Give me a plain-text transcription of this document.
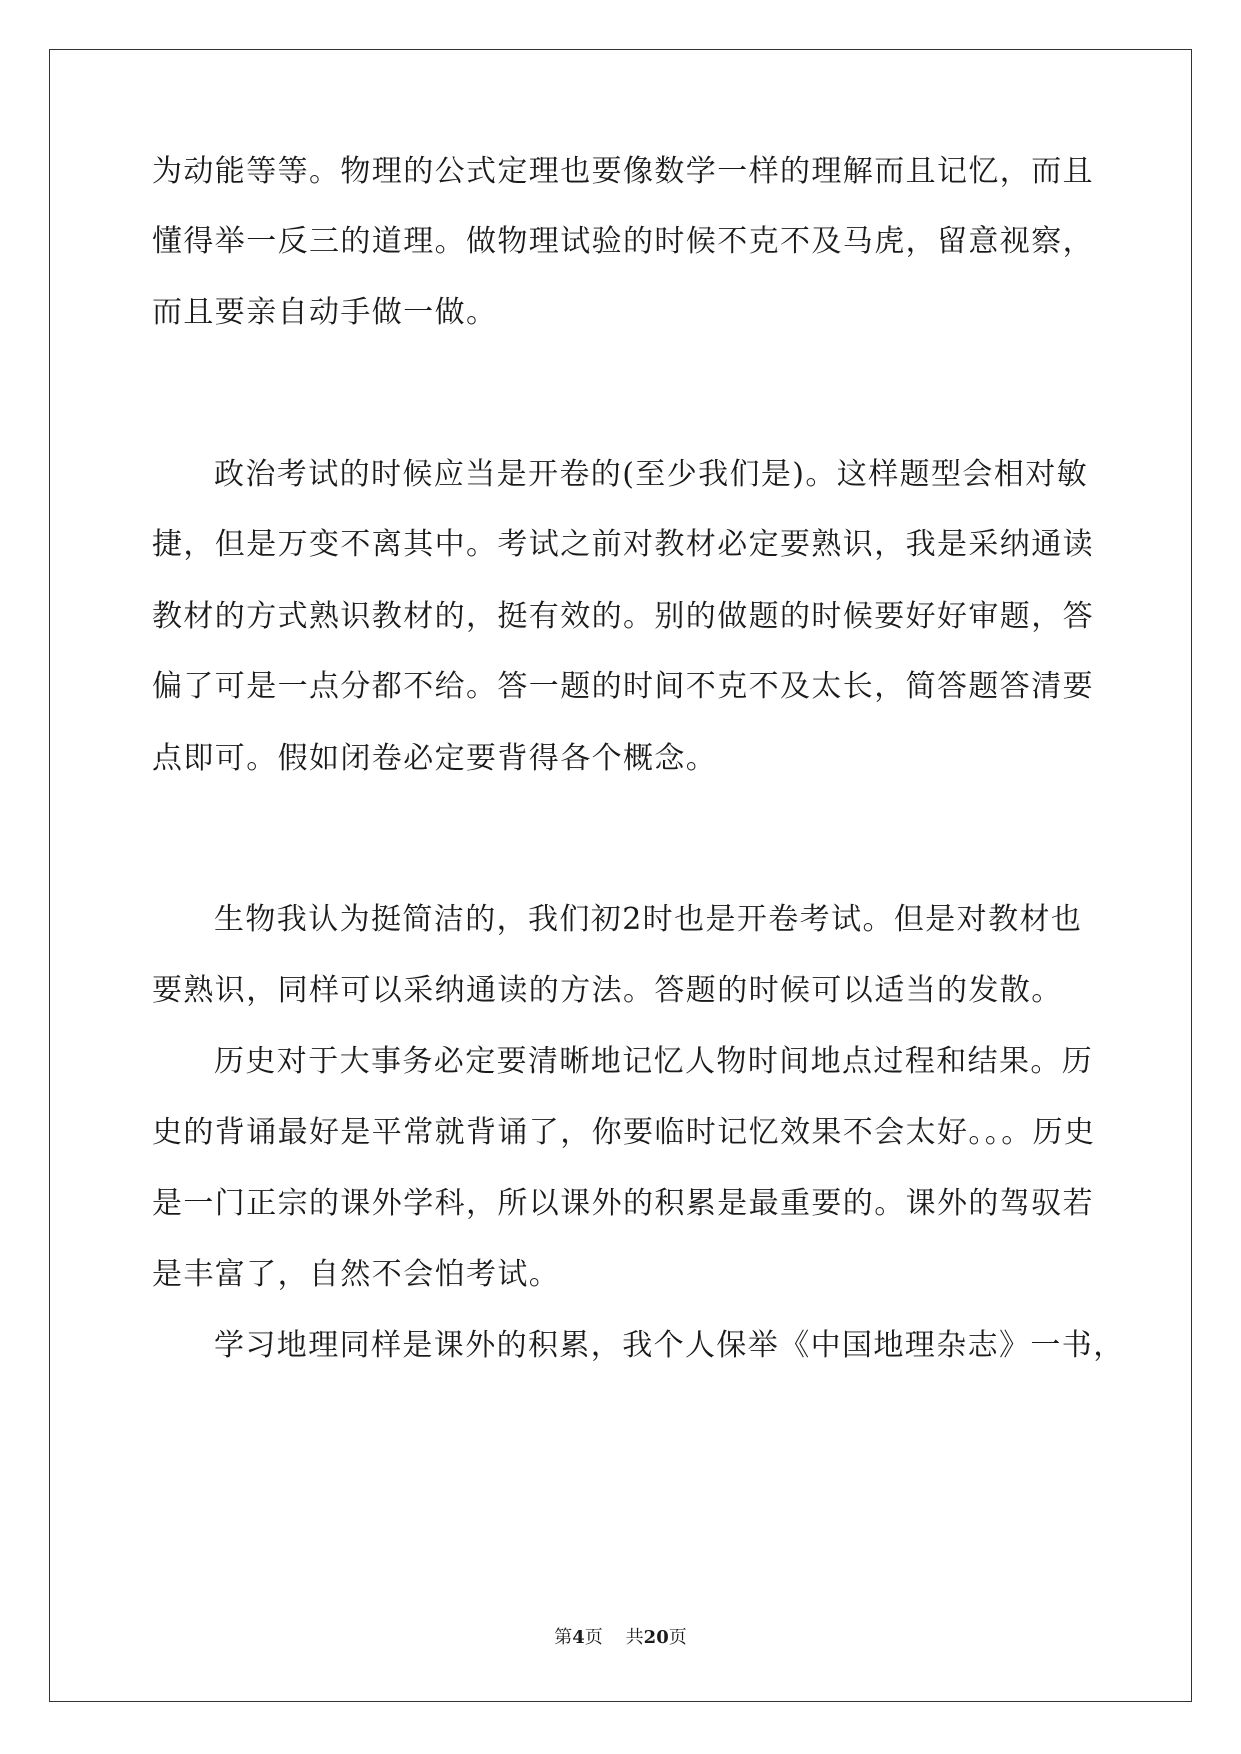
为动能等等。物理的公式定理也要像数学一样的理解而且记忆，而且
懂得举一反三的道理。做物理试验的时候不克不及马虎，留意视察，
而且要亲自动手做一做。
政治考试的时候应当是开卷的(至少我们是)。这样题型会相对敏
捷，但是万变不离其中。考试之前对教材必定要熟识，我是采纳通读
教材的方式熟识教材的，挺有效的。别的做题的时候要好好审题，答
偏了可是一点分都不给。答一题的时间不克不及太长，简答题答清要
点即可。假如闭卷必定要背得各个概念。
生物我认为挺简洁的，我们初2时也是开卷考试。但是对教材也
要熟识，同样可以采纳通读的方法。答题的时候可以适当的发散。
历史对于大事务必定要清晰地记忆人物时间地点过程和结果。历
史的背诵最好是平常就背诵了，你要临时记忆效果不会太好。。。历史
是一门正宗的课外学科，所以课外的积累是最重要的。课外的驾驭若
是丰富了，自然不会怕考试。
学习地理同样是课外的积累，我个人保举《中国地理杂志》一书，
第4页    共20页
